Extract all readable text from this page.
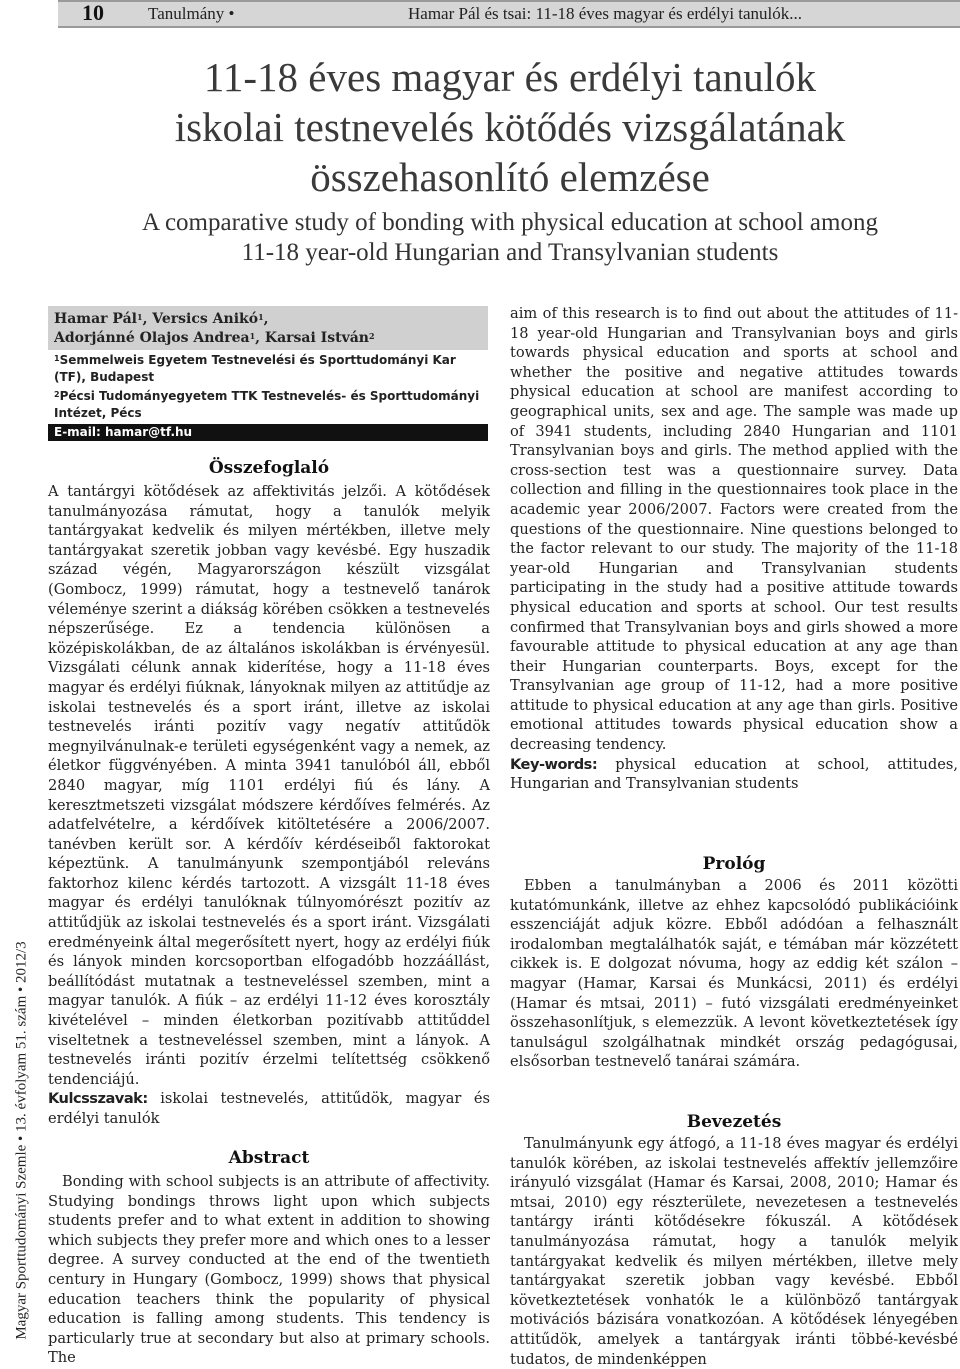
10	Tanulmány •	Hamar Pál és tsai: 11-18 éves magyar és erdélyi tanulók...
Magyar Sporttudományi Szemle • 13. évfolyam 51. szám • 2012/3
11-18 éves magyar és erdélyi tanulók
iskolai testnevelés kötődés vizsgálatának
összehasonlító elemzése
A comparative study of bonding with physical education at school among
11-18 year-old Hungarian and Transylvanian students
Hamar Pál$^1$, Versics Anikó$^1$,
Adorjánné Olajos Andrea$^1$, Karsai István$^2$
$^1$Semmelweis Egyetem Testnevelési és Sporttudományi Kar (TF), Budapest
$^2$Pécsi Tudományegyetem TTK Testnevelés- és Sporttudományi Intézet, Pécs
E-mail: hamar@tf.hu
Összefoglaló
A tantárgyi kötődések az affektivitás jelzői. A kötődések tanulmányozása rámutat, hogy a tanulók melyik tantárgyakat kedvelik és milyen mértékben, illetve mely tantárgyakat szeretik jobban vagy kevésbé. Egy huszadik század végén, Magyarországon készült vizsgálat (Gombocz, 1999) rámutat, hogy a testnevelő tanárok véleménye szerint a diákság körében csökken a testnevelés népszerűsége. Ez a tendencia különösen a középiskolákban, de az általános iskolákban is érvényesül. Vizsgálati célunk annak kiderítése, hogy a 11-18 éves magyar és erdélyi fiúknak, lányoknak milyen az attitűdje az iskolai testnevelés és a sport iránt, illetve az iskolai testnevelés iránti pozitív vagy negatív attitűdök megnyilvánulnak-e területi egységenként vagy a nemek, az életkor függvényében. A minta 3941 tanulóból áll, ebből 2840 magyar, míg 1101 erdélyi fiú és lány. A keresztmetszeti vizsgálat módszere kérdőíves felmérés. Az adatfelvételre, a kérdőívek kitöltetésére a 2006/2007. tanévben került sor. A kérdőív kérdéseiből faktorokat képeztünk. A tanulmányunk szempontjából releváns faktorhoz kilenc kérdés tartozott. A vizsgált 11-18 éves magyar és erdélyi tanulóknak túlnyomórészt pozitív az attitűdjük az iskolai testnevelés és a sport iránt. Vizsgálati eredményeink által megerősített nyert, hogy az erdélyi fiúk és lányok minden korcsoportban elfogadóbb hozzáállást, beállítódást mutatnak a testneveléssel szemben, mint a magyar tanulók. A fiúk – az erdélyi 11-12 éves korosztály kivételével – minden életkorban pozitívabb attitűddel viseltetnek a testneveléssel szemben, mint a lányok. A testnevelés iránti pozitív érzelmi telítettség csökkenő tendenciájú.
Kulcsszavak: iskolai testnevelés, attitűdök, magyar és erdélyi tanulók
Abstract
Bonding with school subjects is an attribute of affectivity. Studying bondings throws light upon which subjects students prefer and to what extent in addition to showing which subjects they prefer more and which ones to a lesser degree. A survey conducted at the end of the twentieth century in Hungary (Gombocz, 1999) shows that physical education teachers think the popularity of physical education is falling among students. This tendency is particularly true at secondary but also at primary schools. The
aim of this research is to find out about the attitudes of 11-18 year-old Hungarian and Transylvanian boys and girls towards physical education and sports at school and whether the positive and negative attitudes towards physical education at school are manifest according to geographical units, sex and age. The sample was made up of 3941 students, including 2840 Hungarian and 1101 Transylvanian boys and girls. The method applied with the cross-section test was a questionnaire survey. Data collection and filling in the questionnaires took place in the academic year 2006/2007. Factors were created from the questions of the questionnaire. Nine questions belonged to the factor relevant to our study. The majority of the 11-18 year-old Hungarian and Transylvanian students participating in the study had a positive attitude towards physical education and sports at school. Our test results confirmed that Transylvanian boys and girls showed a more favourable attitude to physical education at any age than their Hungarian counterparts. Boys, except for the Transylvanian age group of 11-12, had a more positive attitude to physical education at any age than girls. Positive emotional attitudes towards physical education show a decreasing tendency.
Key-words: physical education at school, attitudes, Hungarian and Transylvanian students
Prológ
Ebben a tanulmányban a 2006 és 2011 közötti kutatómunkánk, illetve az ehhez kapcsolódó publikációink esszenciáját adjuk közre. Ebből adódóan a felhasznált irodalomban megtalálhatók saját, e témában már közzétett cikkek is. E dolgozat nóvuma, hogy az eddig két szálon – magyar (Hamar, Karsai és Munkácsi, 2011) és erdélyi (Hamar és mtsai, 2011) – futó vizsgálati eredményeinket összehasonlítjuk, s elemezzük. A levont következtetések így tanulságul szolgálhatnak mindkét ország pedagógusai, elsősorban testnevelő tanárai számára.
Bevezetés
Tanulmányunk egy átfogó, a 11-18 éves magyar és erdélyi tanulók körében, az iskolai testnevelés affektív jellemzőire irányuló vizsgálat (Hamar és Karsai, 2008, 2010; Hamar és mtsai, 2010) egy részterülete, nevezetesen a testnevelés tantárgy iránti kötődésekre fókuszál. A kötődések tanulmányozása rámutat, hogy a tanulók melyik tantárgyakat kedvelik és milyen mértékben, illetve mely tantárgyakat szeretik jobban vagy kevésbé. Ebből következtetések vonhatók le a különböző tantárgyak motivációs bázisára vonatkozóan. A kötődések lényegében attitűdök, amelyek a tantárgyak iránti többé-kevésbé tudatos, de mindenképpen
